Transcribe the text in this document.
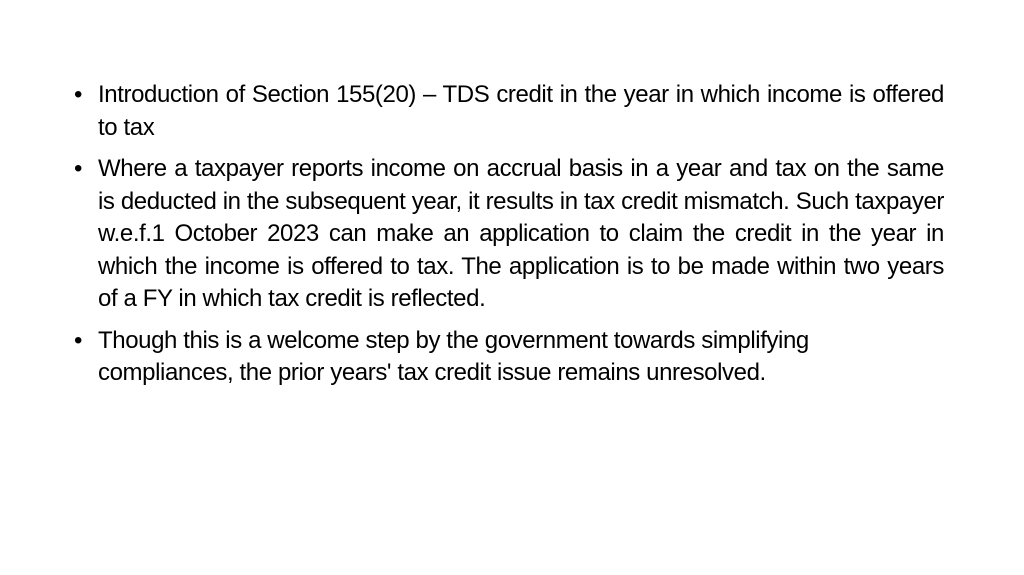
• Introduction of Section 155(20) – TDS credit in the year in which income is offered to tax
• Where a taxpayer reports income on accrual basis in a year and tax on the same is deducted in the subsequent year, it results in tax credit mismatch. Such taxpayer w.e.f.1 October 2023 can make an application to claim the credit in the year in which the income is offered to tax. The application is to be made within two years of a FY in which tax credit is reflected.
• Though this is a welcome step by the government towards simplifying compliances, the prior years' tax credit issue remains unresolved.
